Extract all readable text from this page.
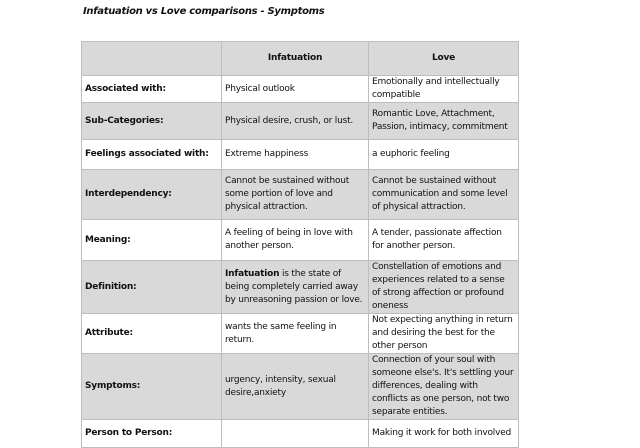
Infatuation vs Love comparisons - Symptoms
	Infatuation	Love
Associated with:	Physical outlook	Emotionally and intellectually compatible
Sub-Categories:	Physical desire, crush, or lust.	Romantic Love, Attachment, Passion, intimacy, commitment
Feelings associated with:	Extreme happiness	a euphoric feeling
Interdependency:	Cannot be sustained without some portion of love and physical attraction.	Cannot be sustained without communication and some level of physical attraction.
Meaning:	A feeling of being in love with another person.	A tender, passionate affection for another person.
Definition:	Infatuation is the state of being completely carried away by unreasoning passion or love.	Constellation of emotions and experiences related to a sense of strong affection or profound oneness
Attribute:	wants the same feeling in return.	Not expecting anything in return and desiring the best for the other person
Symptoms:	urgency, intensity, sexual desire,anxiety	Connection of your soul with someone else's. It's settling your differences, dealing with conflicts as one person, not two separate entities.
Person to Person:		Making it work for both involved
